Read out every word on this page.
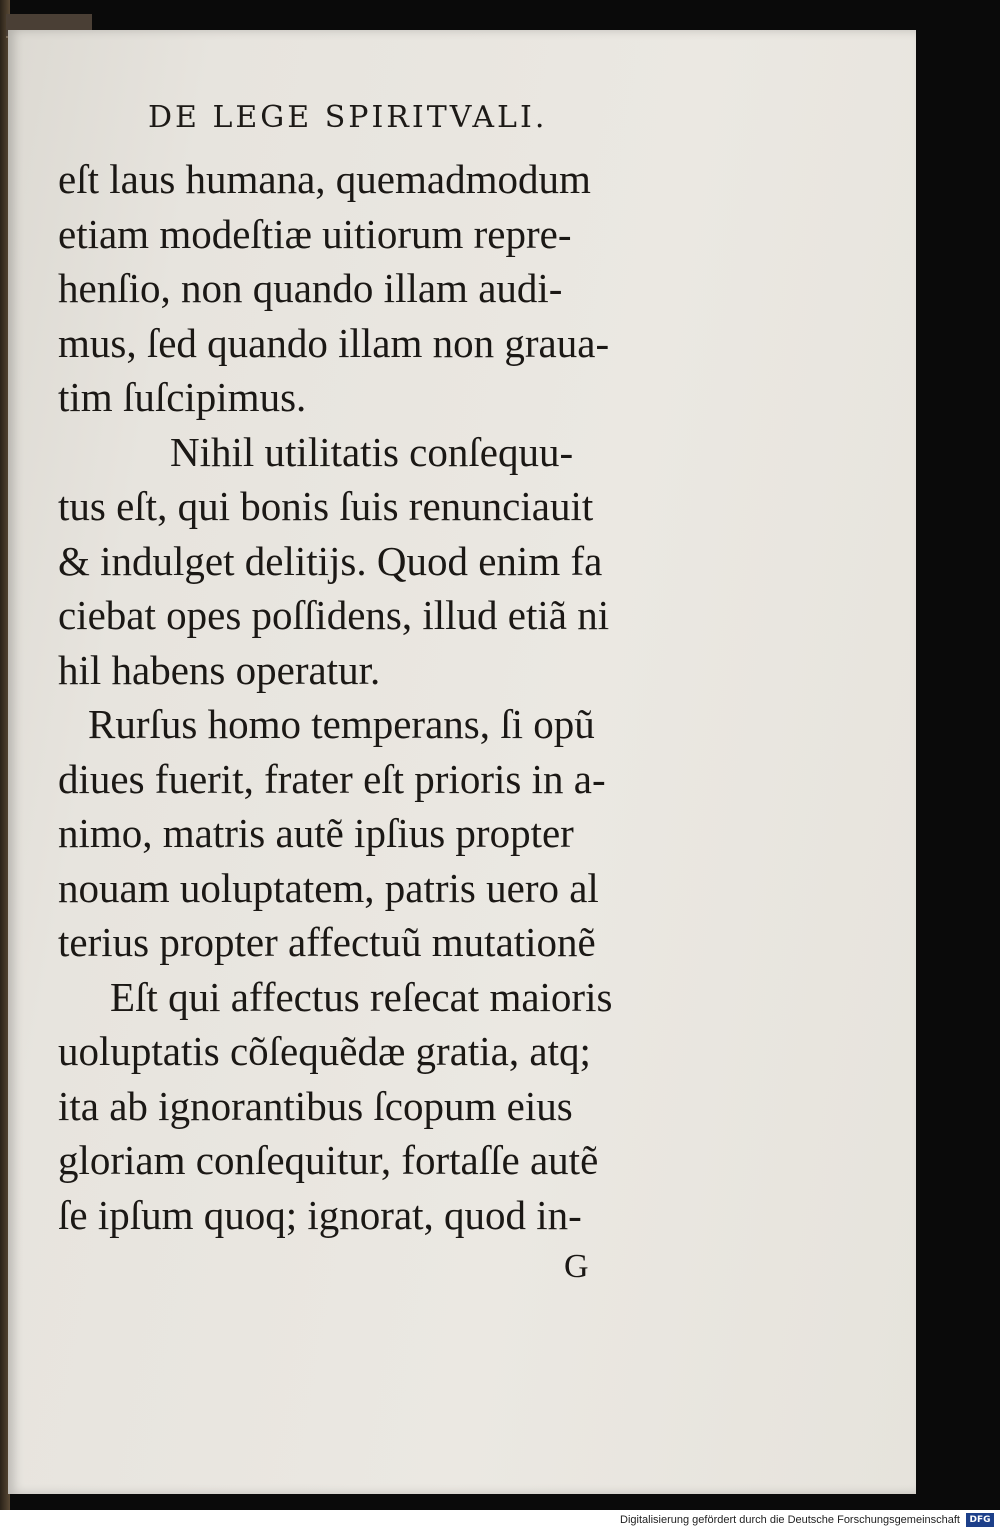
DE LEGE SPIRITVALI.
eſt laus humana, quemadmodum
etiam modeſtiæ uitiorum repre‑
henſio, non quando illam audi‑
mus, ſed quando illam non graua‑
tim ſuſcipimus.
Nihil utilitatis conſequu‑
tus eſt, qui bonis ſuis renunciauit
& indulget delitijs. Quod enim fa
ciebat opes poſſidens, illud etiã ni
hil habens operatur.
Rurſus homo temperans, ſi opũ
diues fuerit, frater eſt prioris in a‑
nimo, matris autẽ ipſius propter
nouam uoluptatem, patris uero al
terius propter affectuũ mutationẽ
Eſt qui affectus reſecat maioris
uoluptatis cõſequẽdæ gratia, atq;
ita ab ignorantibus ſcopum eius
gloriam conſequitur, fortaſſe autẽ
ſe ipſum quoq; ignorat, quod in‑
G
Digitalisierung gefördert durch die Deutsche Forschungsgemeinschaft	DFG
